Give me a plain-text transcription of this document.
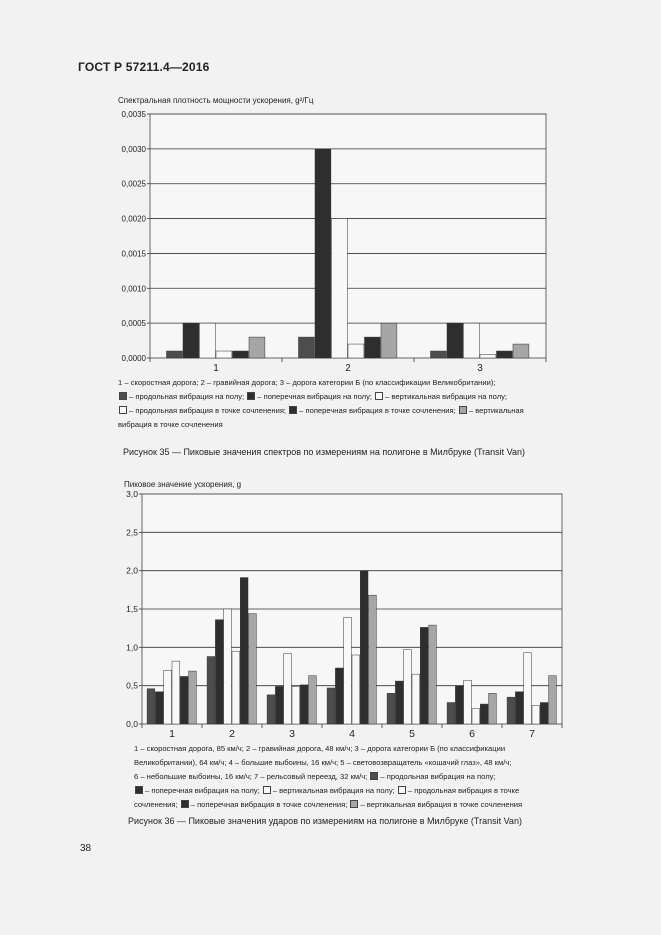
ГОСТ Р 57211.4—2016
Спектральная плотность мощности ускорения, g²/Гц
0,0000
0,0005
0,0010
0,0015
0,0020
0,0025
0,0030
0,0035
1	2	3
0,0
0,5
1,0
1,5
2,0
2,5
3,0
1	2	3	4	5	6	7
1 – скоростная дорога; 2 – гравийная дорога; 3 – дорога категории Б (по классификации Великобритании);
– продольная вибрация на полу; – поперечная вибрация на полу; – вертикальная вибрация на полу;
– продольная вибрация в точке сочленения; – поперечная вибрация в точке сочленения; – вертикальная
вибрация в точке сочленения
Рисунок 35 — Пиковые значения спектров по измерениям на полигоне в Милбруке (Transit Van)
Пиковое значение ускорения, g
1 – скоростная дорога, 85 км/ч; 2 – гравийная дорога, 48 км/ч; 3 – дорога категории Б (по классификации
Великобритании), 64 км/ч; 4 – большие выбоины, 16 км/ч; 5 – световозвращатель «кошачий глаз», 48 км/ч;
6 – небольшие выбоины, 16 км/ч; 7 – рельсовый переезд, 32 км/ч; – продольная вибрация на полу;
– поперечная вибрация на полу; – вертикальная вибрация на полу; – продольная вибрация в точке
сочленения; – поперечная вибрация в точке сочленения; – вертикальная вибрация в точке сочленения
Рисунок 36 — Пиковые значения ударов по измерениям на полигоне в Милбруке (Transit Van)
38
